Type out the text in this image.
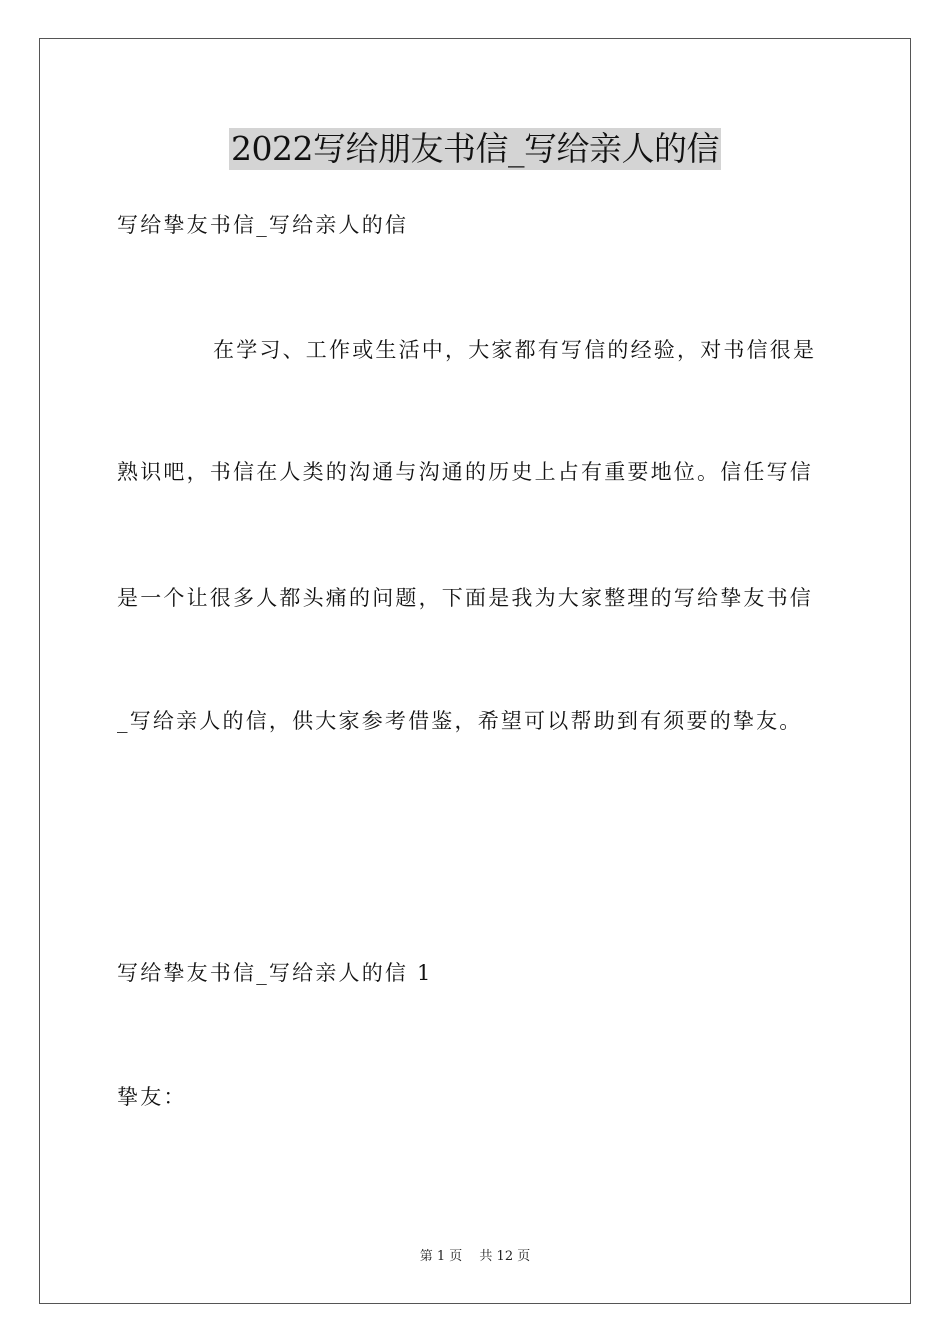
2022写给朋友书信_写给亲人的信

写给挚友书信_写给亲人的信

在学习、工作或生活中，大家都有写信的经验，对书信很是

熟识吧，书信在人类的沟通与沟通的历史上占有重要地位。信任写信

是一个让很多人都头痛的问题，下面是我为大家整理的写给挚友书信

_写给亲人的信，供大家参考借鉴，希望可以帮助到有须要的挚友。

写给挚友书信_写给亲人的信 1

挚友：

第 1 页　 共 12 页
